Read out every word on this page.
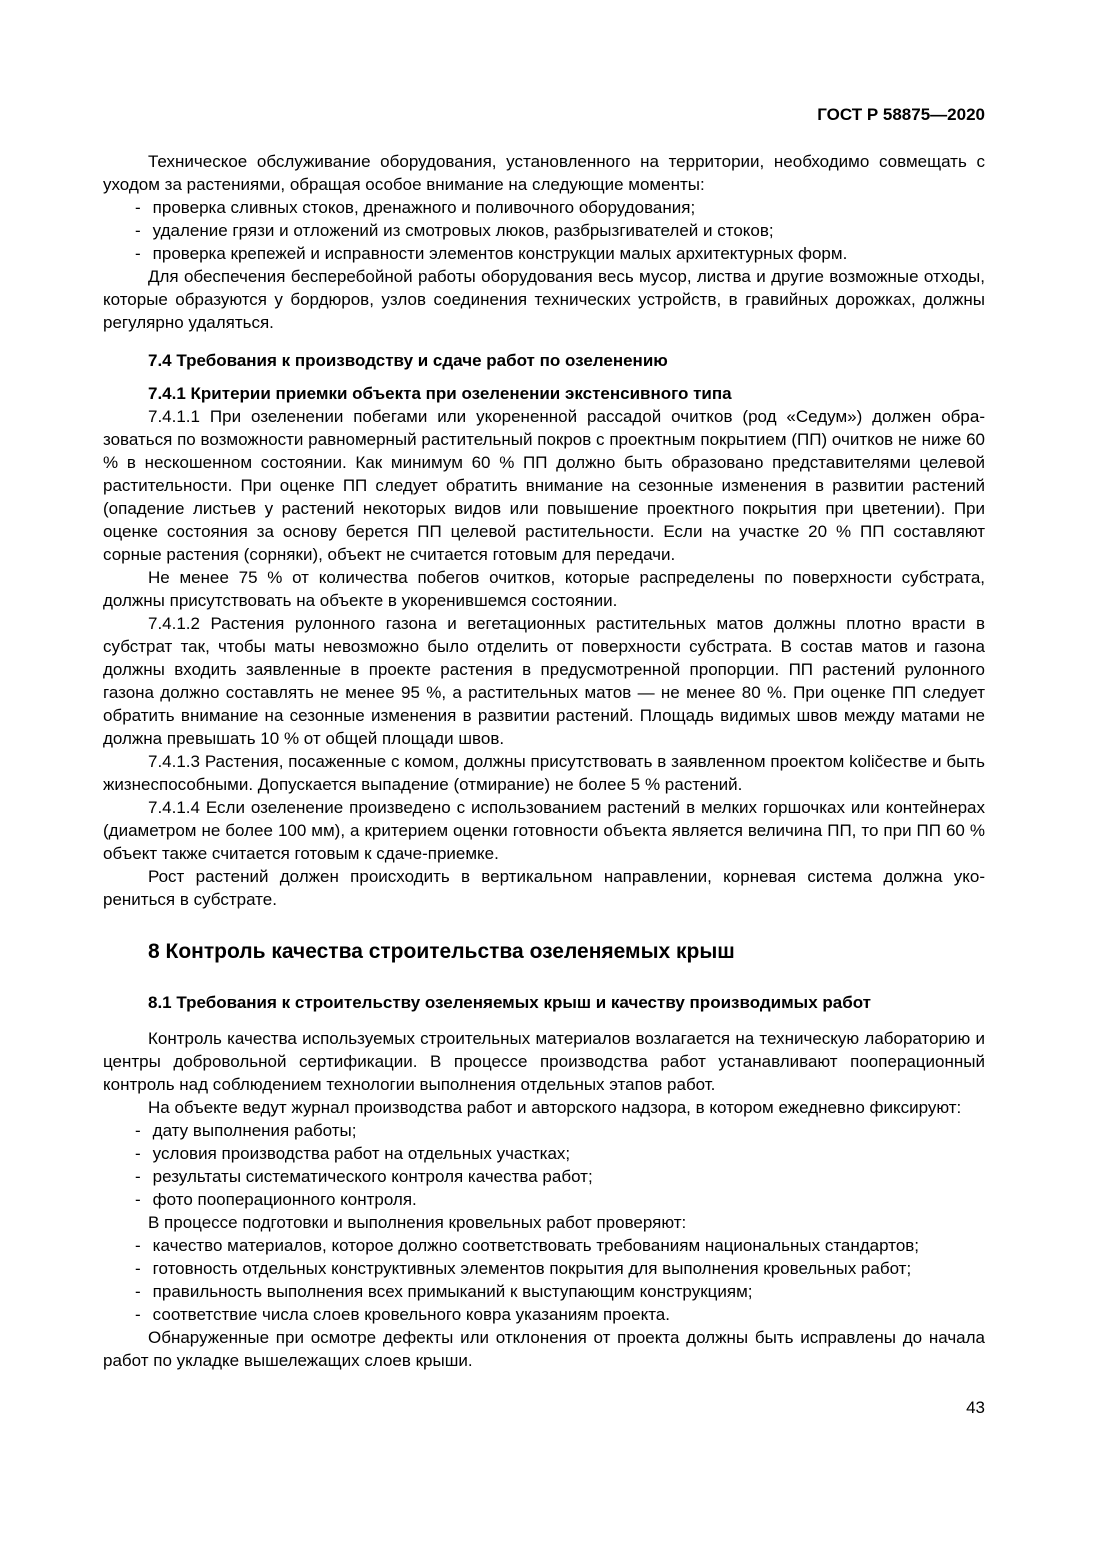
ГОСТ Р 58875—2020

Техническое обслуживание оборудования, установленного на территории, необходимо совмещать с уходом за растениями, обращая особое внимание на следующие моменты:

- проверка сливных стоков, дренажного и поливочного оборудования;
- удаление грязи и отложений из смотровых люков, разбрызгивателей и стоков;
- проверка крепежей и исправности элементов конструкции малых архитектурных форм.

Для обеспечения бесперебойной работы оборудования весь мусор, листва и другие возможные отходы, которые образуются у бордюров, узлов соединения технических устройств, в гравийных дорожках, должны регулярно удаляться.

7.4 Требования к производству и сдаче работ по озеленению

7.4.1 Критерии приемки объекта при озеленении экстенсивного типа

7.4.1.1 При озеленении побегами или укорененной рассадой очитков (род «Седум») должен образоваться по возможности равномерный растительный покров с проектным покрытием (ПП) очитков не ниже 60 % в нескошенном состоянии. Как минимум 60 % ПП должно быть образовано представителями целевой растительности. При оценке ПП следует обратить внимание на сезонные изменения в развитии растений (опадение листьев у растений некоторых видов или повышение проектного покрытия при цветении). При оценке состояния за основу берется ПП целевой растительности. Если на участке 20 % ПП составляют сорные растения (сорняки), объект не считается готовым для передачи.

Не менее 75 % от количества побегов очитков, которые распределены по поверхности субстрата, должны присутствовать на объекте в укоренившемся состоянии.

7.4.1.2 Растения рулонного газона и вегетационных растительных матов должны плотно врасти в субстрат так, чтобы маты невозможно было отделить от поверхности субстрата. В состав матов и газона должны входить заявленные в проекте растения в предусмотренной пропорции. ПП растений рулонного газона должно составлять не менее 95 %, а растительных матов — не менее 80 %. При оценке ПП следует обратить внимание на сезонные изменения в развитии растений. Площадь видимых швов между матами не должна превышать 10 % от общей площади швов.

7.4.1.3 Растения, посаженные с комом, должны присутствовать в заявленном проектом količестве и быть жизнеспособными. Допускается выпадение (отмирание) не более 5 % растений.

7.4.1.4 Если озеленение произведено с использованием растений в мелких горшочках или контейнерах (диаметром не более 100 мм), а критерием оценки готовности объекта является величина ПП, то при ПП 60 % объект также считается готовым к сдаче-приемке.

Рост растений должен происходить в вертикальном направлении, корневая система должна укорениться в субстрате.

8 Контроль качества строительства озеленяемых крыш

8.1 Требования к строительству озеленяемых крыш и качеству производимых работ

Контроль качества используемых строительных материалов возлагается на техническую лабораторию и центры добровольной сертификации. В процессе производства работ устанавливают пооперационный контроль над соблюдением технологии выполнения отдельных этапов работ.

На объекте ведут журнал производства работ и авторского надзора, в котором ежедневно фиксируют:

- дату выполнения работы;
- условия производства работ на отдельных участках;
- результаты систематического контроля качества работ;
- фото пооперационного контроля.

В процессе подготовки и выполнения кровельных работ проверяют:

- качество материалов, которое должно соответствовать требованиям национальных стандартов;
- готовность отдельных конструктивных элементов покрытия для выполнения кровельных работ;
- правильность выполнения всех примыканий к выступающим конструкциям;
- соответствие числа слоев кровельного ковра указаниям проекта.

Обнаруженные при осмотре дефекты или отклонения от проекта должны быть исправлены до начала работ по укладке вышележащих слоев крыши.

43
